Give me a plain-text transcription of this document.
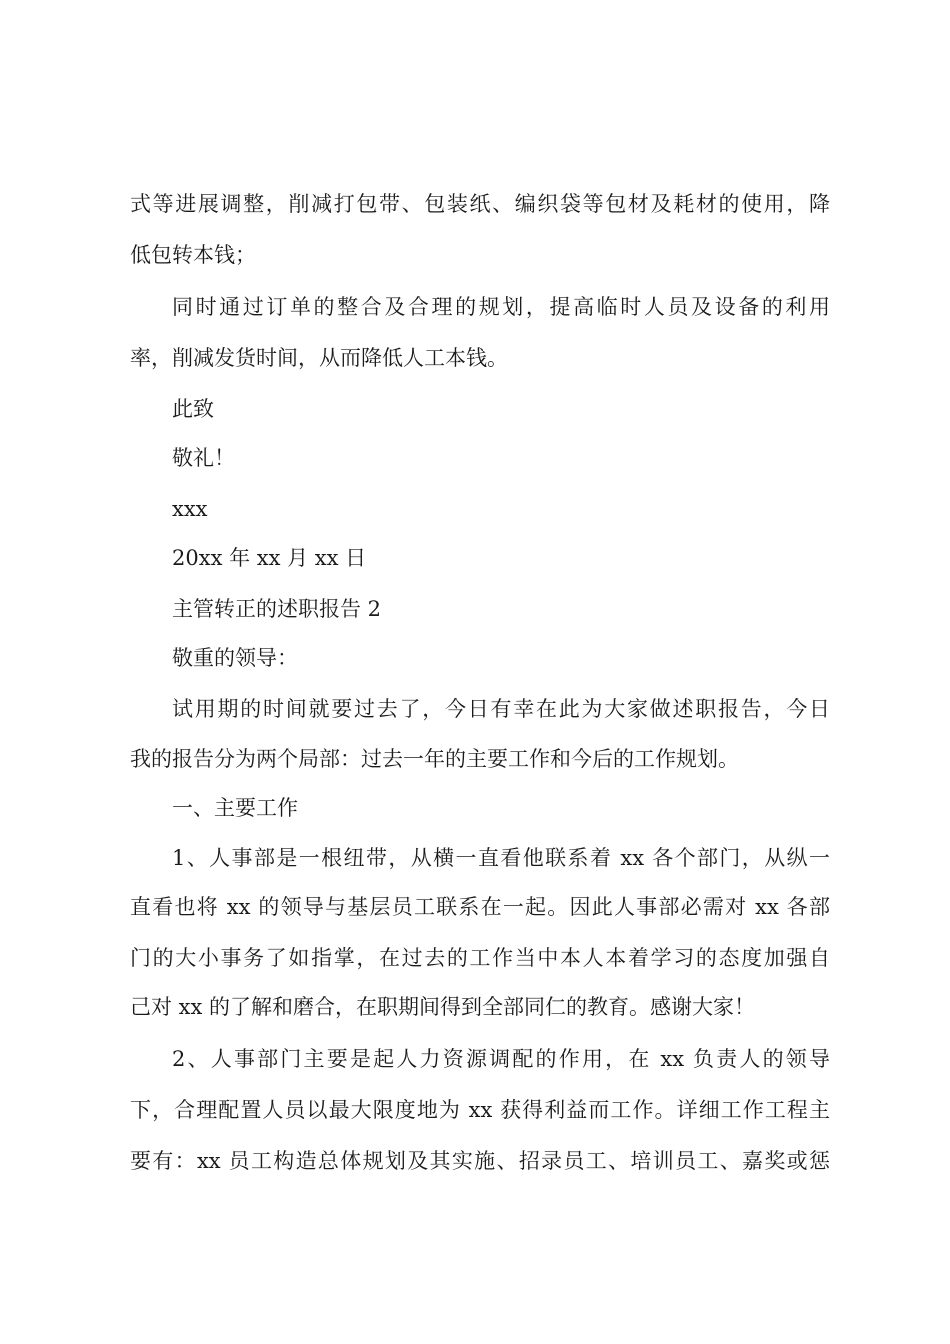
式等进展调整，削减打包带、包装纸、编织袋等包材及耗材的使用，降
低包转本钱；
同时通过订单的整合及合理的规划，提高临时人员及设备的利用
率，削减发货时间，从而降低人工本钱。
此致
敬礼！
xxx
20xx 年 xx 月 xx 日
主管转正的述职报告 2
敬重的领导：
试用期的时间就要过去了，今日有幸在此为大家做述职报告，今日
我的报告分为两个局部：过去一年的主要工作和今后的工作规划。
一、主要工作
1、人事部是一根纽带，从横一直看他联系着 xx 各个部门，从纵一
直看也将 xx 的领导与基层员工联系在一起。因此人事部必需对 xx 各部
门的大小事务了如指掌，在过去的工作当中本人本着学习的态度加强自
己对 xx 的了解和磨合，在职期间得到全部同仁的教育。感谢大家！
2、人事部门主要是起人力资源调配的作用，在 xx 负责人的领导
下，合理配置人员以最大限度地为 xx 获得利益而工作。详细工作工程主
要有：xx 员工构造总体规划及其实施、招录员工、培训员工、嘉奖或惩
